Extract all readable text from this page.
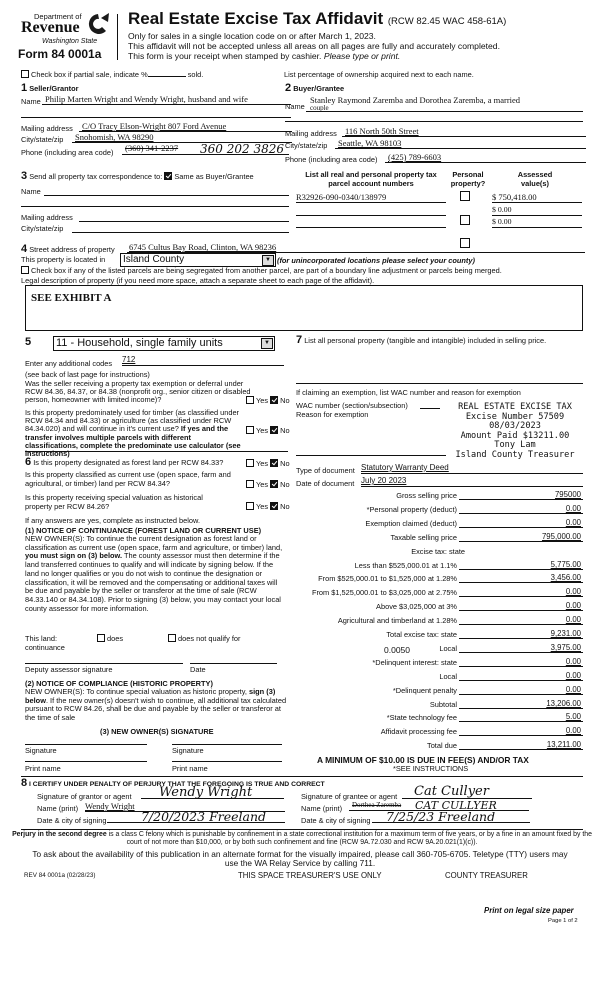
Department of
Revenue
Washington State
Form 84 0001a
Real Estate Excise Tax Affidavit (RCW 82.45 WAC 458-61A)
Only for sales in a single location code on or after March 1, 2023.
This affidavit will not be accepted unless all areas on all pages are fully and accurately completed.
This form is your receipt when stamped by cashier. Please type or print.
Check box if partial sale, indicate %	sold.	List percentage of ownership acquired next to each name.
1 Seller/Grantor
Name Philip Marten Wright and Wendy Wright, husband and wife
Mailing address	C/O Tracy Elson-Wright 807 Ford Avenue
City/state/zip	Snohomish, WA 98290
Phone (including area code) (360) 341-2237 360 202 3826
2 Buyer/Grantee
Name
Stanley Raymond Zaremba and Dorothea Zaremba, a married
couple
Mailing address 116 North 50th Street
City/state/zip	Seattle, WA 98103
Phone (including area code)	(425) 789-6603
3 Send all property tax correspondence to: Same as Buyer/Grantee
Name
Mailing address
City/state/zip
List all real and personal property tax parcel account numbers
Personal property?
Assessed value(s)
R32926-090-0340/138979	$ 750,418.00
$ 0.00
$ 0.00
4 Street address of property 6745 Cultus Bay Road, Clinton, WA 98236
This property is located in	Island County	▼ (for unincorporated locations please select your county)
Check box if any of the listed parcels are being segregated from another parcel, are part of a boundary line adjustment or parcels being merged.
Legal description of property (if you need more space, attach a separate sheet to each page of the affidavit).
SEE EXHIBIT A
5 11 - Household, single family units	▼
Enter any additional codes 712
(see back of last page for instructions)
Was the seller receiving a property tax exemption or deferral under RCW 84.36, 84.37, or 84.38 (nonprofit org., senior citizen or disabled person, homeowner with limited income)?	Yes No
Is this property predominately used for timber (as classified under RCW 84.34 and 84.33) or agriculture (as classified under RCW 84.34.020) and will continue in it's current use? If yes and the transfer involves multiple parcels with different classifications, complete the predominate use calculator (see instructions)
Yes No
6 Is this property designated as forest land per RCW 84.33?	Yes No
Is this property classified as current use (open space, farm and agricultural, or timber) land per RCW 84.34?	Yes No
Is this property receiving special valuation as historical property per RCW 84.26?	Yes No
If any answers are yes, complete as instructed below.
(1) NOTICE OF CONTINUANCE (FOREST LAND OR CURRENT USE)
NEW OWNER(S): To continue the current designation as forest land or classification as current use (open space, farm and agriculture, or timber) land, you must sign on (3) below. The county assessor must then determine if the land transferred continues to qualify and will indicate by signing below. If the land no longer qualifies or you do not wish to continue the designation or classification, it will be removed and the compensating or additional taxes will be due and payable by the seller or transferor at the time of sale (RCW 84.33.140 or 84.34.108). Prior to signing (3) below, you may contact your local county assessor for more information.
This land:	does	does not qualify for
continuance
Deputy assessor signature	Date
(2) NOTICE OF COMPLIANCE (HISTORIC PROPERTY)
NEW OWNER(S): To continue special valuation as historic property, sign (3) below. If the new owner(s) doesn't wish to continue, all additional tax calculated pursuant to RCW 84.26, shall be due and payable by the seller or transferor at the time of sale
(3) NEW OWNER(S) SIGNATURE
Signature	Signature
Print name	Print name
7 List all personal property (tangible and intangible) included in selling price.
If claiming an exemption, list WAC number and reason for exemption
WAC number (section/subsection)
Reason for exemption
REAL ESTATE EXCISE TAX
Excise Number 57509
08/03/2023
Amount Paid $13211.00
Tony Lam
Island County Treasurer
Type of document Statutory Warranty Deed
Date of document July 20 2023
Gross selling price	795000
*Personal property (deduct)	0.00
Exemption claimed (deduct)	0.00
Taxable selling price	795,000.00
Excise tax: state
Less than $525,000.01 at 1.1%	5,775.00
From $525,000.01 to $1,525,000 at 1.28%	3,456.00
From $1,525,000.01 to $3,025,000 at 2.75%	0.00
Above $3,025,000 at 3%	0.00
Agricultural and timberland at 1.28%	0.00
Total excise tax: state	9,231.00
Local	3,975.00
*Delinquent interest: state	0.00
Local	0.00
*Delinquent penalty	0.00
Subtotal	13,206.00
*State technology fee	5.00
Affidavit processing fee	0.00
Total due	13,211.00
0.0050
A MINIMUM OF $10.00 IS DUE IN FEE(S) AND/OR TAX
*SEE INSTRUCTIONS
8 I CERTIFY UNDER PENALTY OF PERJURY THAT THE FOREGOING IS TRUE AND CORRECT
Signature of grantor or agent Wendy Wright
Name (print) Wendy Wright
Date & city of signing	7/20/2023 Freeland
Signature of grantee or agent Cat Cullyer
Name (print) Dorthea Zaremba CAT CULLYER
Date & city of signing 7/25/23 Freeland
Perjury in the second degree is a class C felony which is punishable by confinement in a state correctional institution for a maximum term of five years, or by a fine in an amount fixed by the court of not more than $10,000, or by both such confinement and fine (RCW 9A.72.030 and RCW 9A.20.021(1)(c)).
To ask about the availability of this publication in an alternate format for the visually impaired, please call 360-705-6705. Teletype (TTY) users may use the WA Relay Service by calling 711.
REV 84 0001a (02/28/23)	THIS SPACE TREASURER'S USE ONLY	COUNTY TREASURER
Print on legal size paper
Page 1 of 2
